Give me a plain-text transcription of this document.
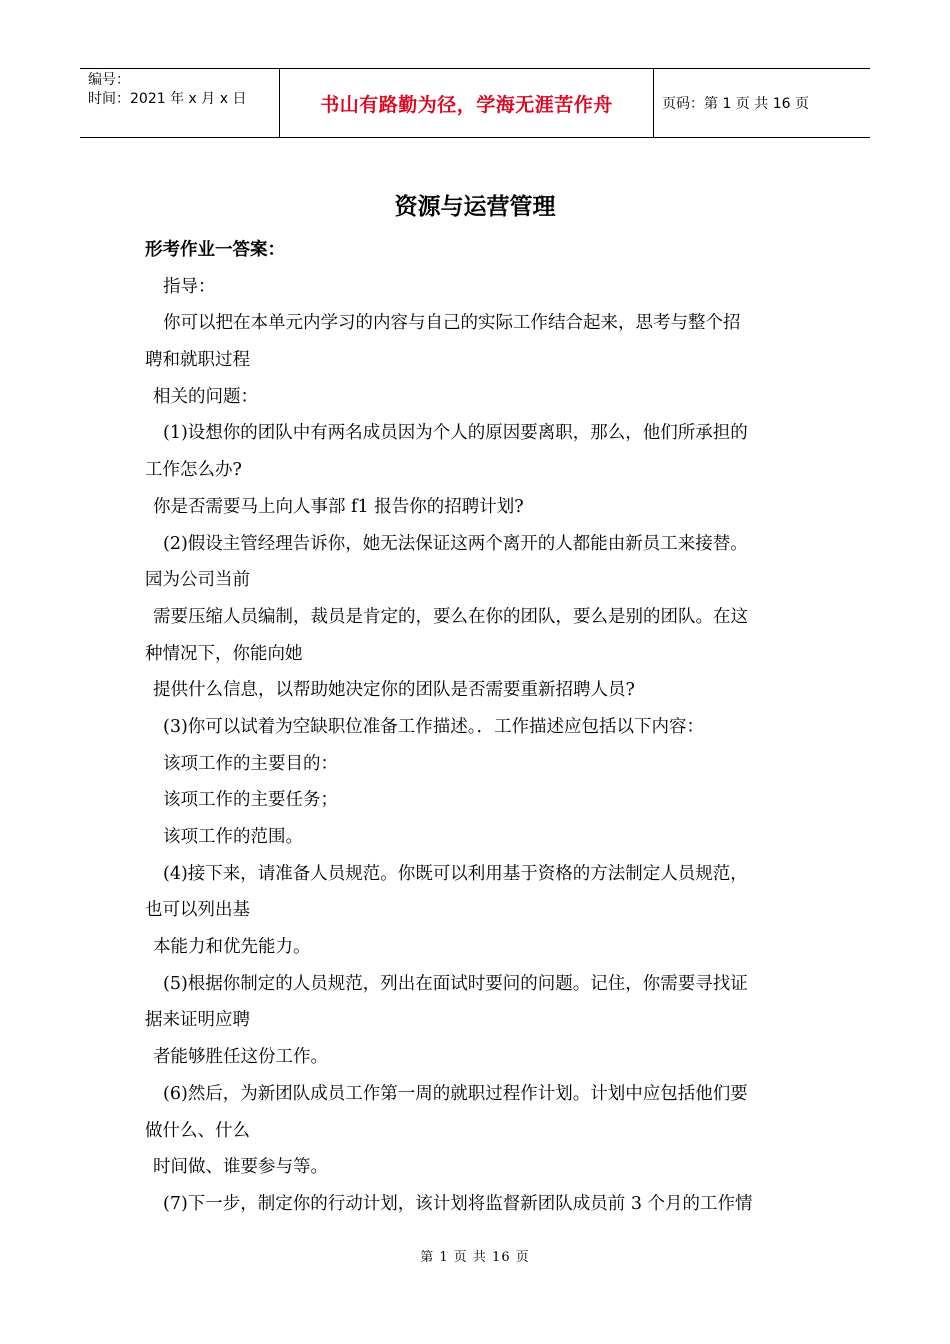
编号：
时间：2021 年 x 月 x 日	书山有路勤为径，学海无涯苦作舟	页码：第 1 页 共 16 页
资源与运营管理
形考作业一答案：
指导：
你可以把在本单元内学习的内容与自己的实际工作结合起来，思考与整个招
聘和就职过程
相关的问题：
(1)设想你的团队中有两名成员因为个人的原因要离职，那么，他们所承担的
工作怎么办?
你是否需要马上向人事部 f1 报告你的招聘计划?
(2)假设主管经理告诉你，她无法保证这两个离开的人都能由新员工来接替。
园为公司当前
需要压缩人员编制，裁员是肯定的，要么在你的团队，要么是别的团队。在这
种情况下，你能向她
提供什么信息，以帮助她决定你的团队是否需要重新招聘人员?
(3)你可以试着为空缺职位准备工作描述。．工作描述应包括以下内容：
该项工作的主要目的：
该项工作的主要任务；
该项工作的范围。
(4)接下来，请准备人员规范。你既可以利用基于资格的方法制定人员规范，
也可以列出基
本能力和优先能力。
(5)根据你制定的人员规范，列出在面试时要问的问题。记住，你需要寻找证
据来证明应聘
者能够胜任这份工作。
(6)然后，为新团队成员工作第一周的就职过程作计划。计划中应包括他们要
做什么、什么
时间做、谁要参与等。
(7)下一步，制定你的行动计划，该计划将监督新团队成员前 3 个月的工作情
第 1 页 共 16 页
